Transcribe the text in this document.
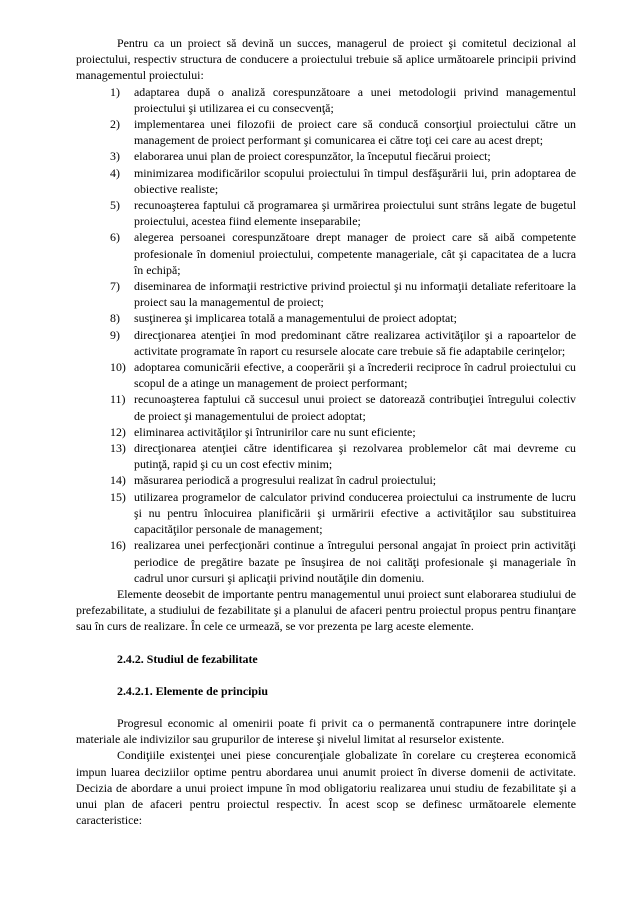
Pentru ca un proiect să devină un succes, managerul de proiect şi comitetul decizional al proiectului, respectiv structura de conducere a proiectului trebuie să aplice următoarele principii privind managementul proiectului:

1) adaptarea după o analiză corespunzătoare a unei metodologii privind managementul proiectului şi utilizarea ei cu consecvenţă;
2) implementarea unei filozofii de proiect care să conducă consorţiul proiectului către un management de proiect performant şi comunicarea ei către toţi cei care au acest drept;
3) elaborarea unui plan de proiect corespunzător, la începutul fiecărui proiect;
4) minimizarea modificărilor scopului proiectului în timpul desfăşurării lui, prin adoptarea de obiective realiste;
5) recunoaşterea faptului că programarea şi urmărirea proiectului sunt strâns legate de bugetul proiectului, acestea fiind elemente inseparabile;
6) alegerea persoanei corespunzătoare drept manager de proiect care să aibă competente profesionale în domeniul proiectului, competente manageriale, cât şi capacitatea de a lucra în echipă;
7) diseminarea de informaţii restrictive privind proiectul şi nu informaţii detaliate referitoare la proiect sau la managementul de proiect;
8) susţinerea şi implicarea totală a managementului de proiect adoptat;
9) direcţionarea atenţiei în mod predominant către realizarea activităţilor şi a rapoartelor de activitate programate în raport cu resursele alocate care trebuie să fie adaptabile cerinţelor;
10) adoptarea comunicării efective, a cooperării şi a încrederii reciproce în cadrul proiectului cu scopul de a atinge un management de proiect performant;
11) recunoaşterea faptului că succesul unui proiect se datorează contribuţiei întregului colectiv de proiect şi managementului de proiect adoptat;
12) eliminarea activităţilor şi întrunirilor care nu sunt eficiente;
13) direcţionarea atenţiei către identificarea şi rezolvarea problemelor cât mai devreme cu putinţă, rapid şi cu un cost efectiv minim;
14) măsurarea periodică a progresului realizat în cadrul proiectului;
15) utilizarea programelor de calculator privind conducerea proiectului ca instrumente de lucru şi nu pentru înlocuirea planificării şi urmăririi efective a activităţilor sau substituirea capacităţilor personale de management;
16) realizarea unei perfecţionări continue a întregului personal angajat în proiect prin activităţi periodice de pregătire bazate pe însuşirea de noi calităţi profesionale şi manageriale în cadrul unor cursuri şi aplicaţii privind noutăţile din domeniu.

Elemente deosebit de importante pentru managementul unui proiect sunt elaborarea studiului de prefezabilitate, a studiului de fezabilitate şi a planului de afaceri pentru proiectul propus pentru finanţare sau în curs de realizare. În cele ce urmează, se vor prezenta pe larg aceste elemente.

2.4.2. Studiul de fezabilitate
2.4.2.1. Elemente de principiu

Progresul economic al omenirii poate fi privit ca o permanentă contrapunere intre dorinţele materiale ale indivizilor sau grupurilor de interese şi nivelul limitat al resurselor existente.

Condiţiile existenţei unei piese concurenţiale globalizate în corelare cu creşterea economică impun luarea deciziilor optime pentru abordarea unui anumit proiect în diverse domenii de activitate. Decizia de abordare a unui proiect impune în mod obligatoriu realizarea unui studiu de fezabilitate şi a unui plan de afaceri pentru proiectul respectiv. În acest scop se definesc următoarele elemente caracteristice:
